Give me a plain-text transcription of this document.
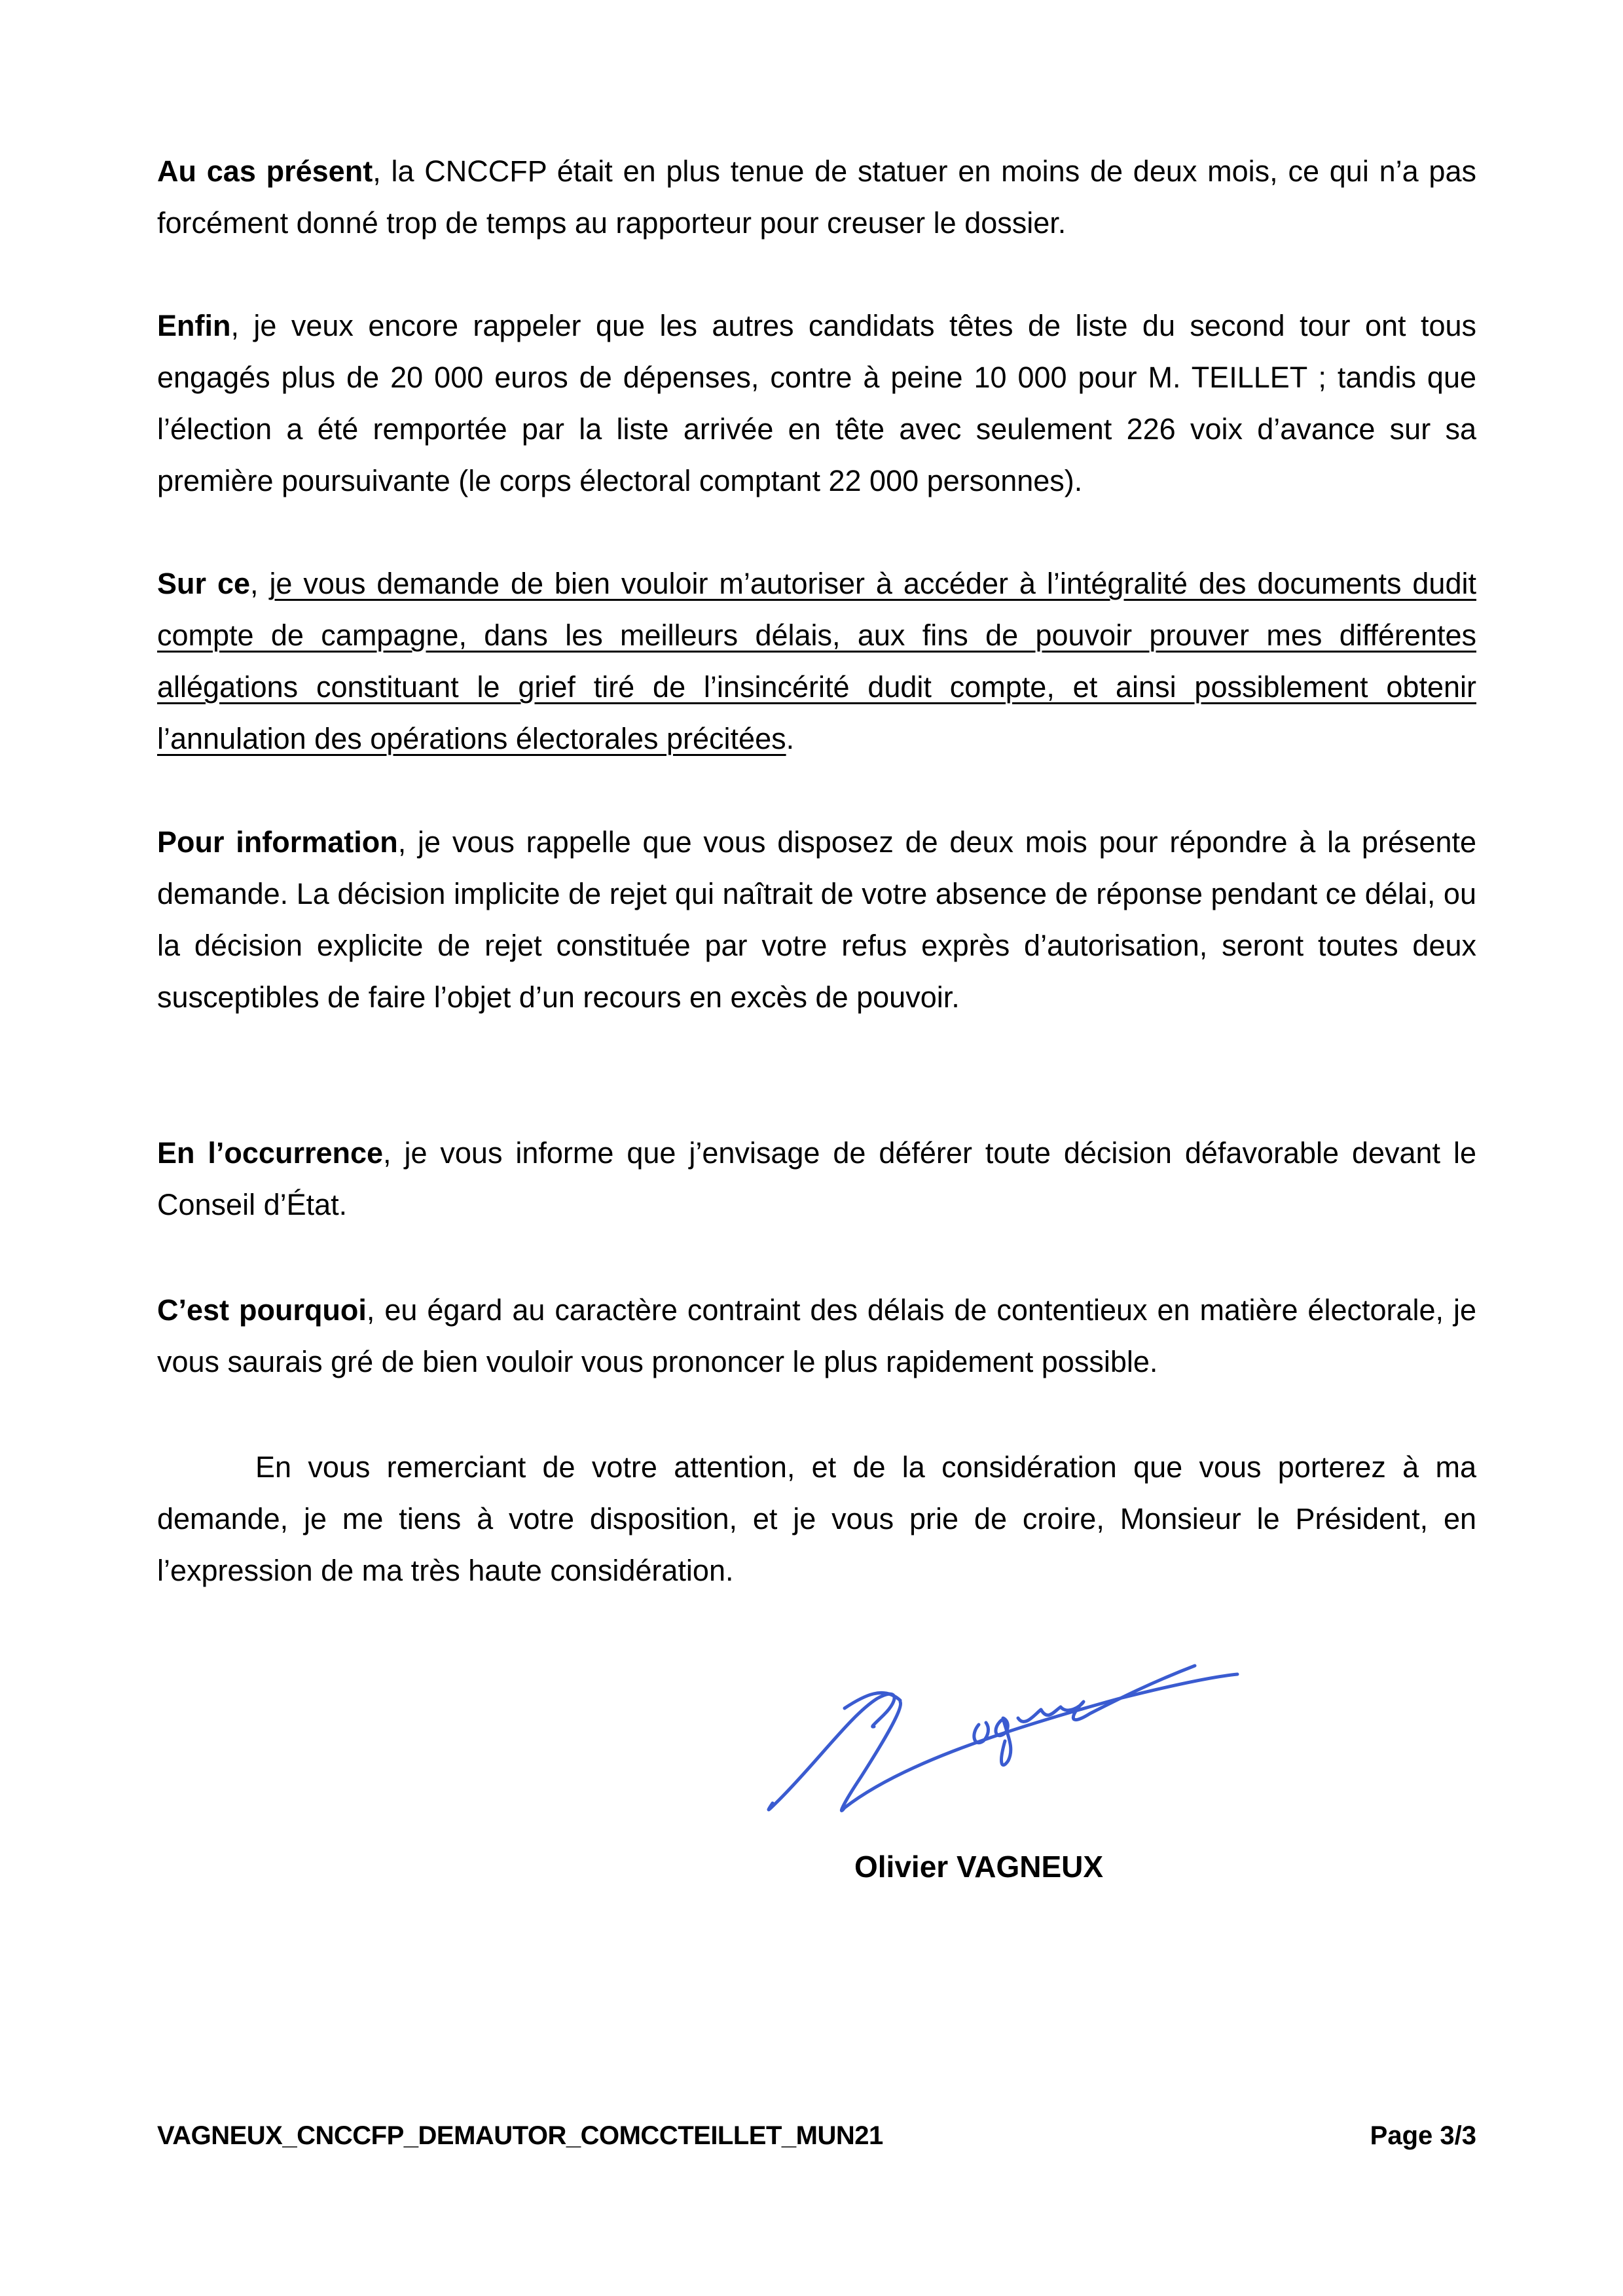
Au cas présent, la CNCCFP était en plus tenue de statuer en moins de deux mois, ce qui n’a pas forcément donné trop de temps au rapporteur pour creuser le dossier.

Enfin, je veux encore rappeler que les autres candidats têtes de liste du second tour ont tous engagés plus de 20 000 euros de dépenses, contre à peine 10 000 pour M. TEILLET ; tandis que l’élection a été remportée par la liste arrivée en tête avec seulement 226 voix d’avance sur sa première poursuivante (le corps électoral comptant 22 000 personnes).

Sur ce, je vous demande de bien vouloir m’autoriser à accéder à l’intégralité des documents dudit compte de campagne, dans les meilleurs délais, aux fins de pouvoir prouver mes différentes allégations constituant le grief tiré de l’insincérité dudit compte, et ainsi possiblement obtenir l’annulation des opérations électorales précitées.

Pour information, je vous rappelle que vous disposez de deux mois pour répondre à la présente demande. La décision implicite de rejet qui naîtrait de votre absence de réponse pendant ce délai, ou la décision explicite de rejet constituée par votre refus exprès d’autorisation, seront toutes deux susceptibles de faire l’objet d’un recours en excès de pouvoir.

En l’occurrence, je vous informe que j’envisage de déférer toute décision défavorable devant le Conseil d’État.

C’est pourquoi, eu égard au caractère contraint des délais de contentieux en matière électorale, je vous saurais gré de bien vouloir vous prononcer le plus rapidement possible.

En vous remerciant de votre attention, et de la considération que vous porterez à ma demande, je me tiens à votre disposition, et je vous prie de croire, Monsieur le Président, en l’expression de ma très haute considération.

Olivier VAGNEUX
VAGNEUX_CNCCFP_DEMAUTOR_COMCCTEILLET_MUN21	Page 3/3
